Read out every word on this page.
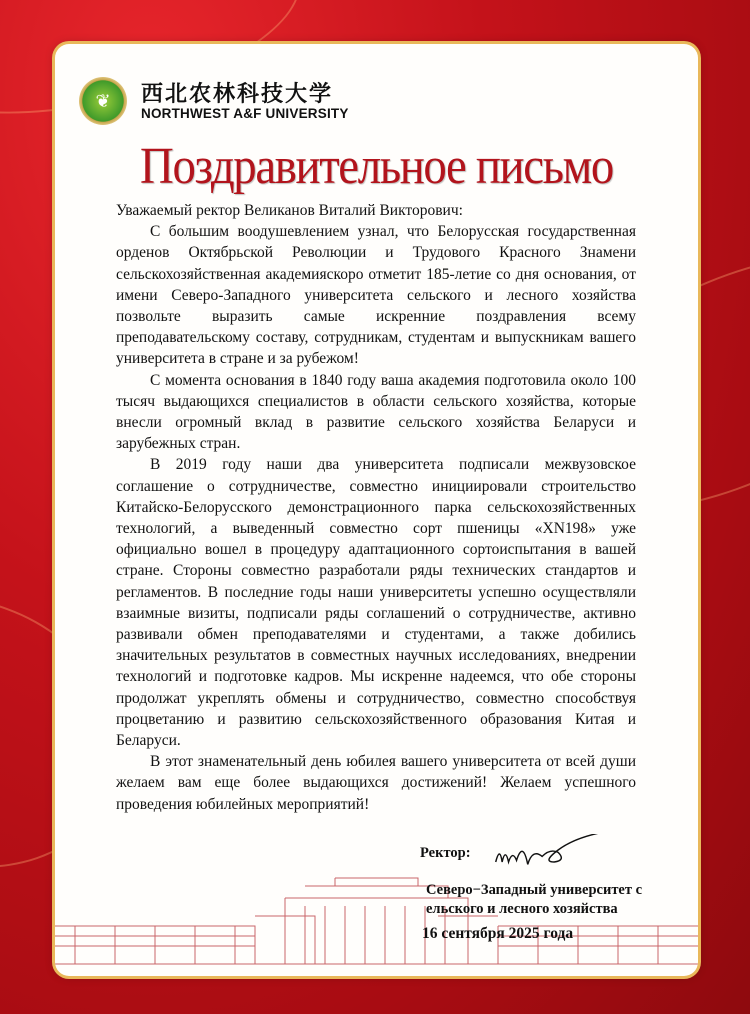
❦	西北农林科技大学
NORTHWEST A&F UNIVERSITY
Поздравительное письмо

Уважаемый ректор Великанов Виталий Викторович:

С большим воодушевлением узнал, что Белорусская государственная орденов Октябрьской Революции и Трудового Красного Знамени сельскохозяйственная академияскоро отметит 185-летие со дня основания, от имени Северо-Западного университета сельского и лесного хозяйства позвольте выразить самые искренние поздравления всему преподавательскому составу, сотрудникам, студентам и выпускникам вашего университета в стране и за рубежом!

С момента основания в 1840 году ваша академия подготовила около 100 тысяч выдающихся специалистов в области сельского хозяйства, которые внесли огромный вклад в развитие сельского хозяйства Беларуси и зарубежных стран.

В 2019 году наши два университета подписали межвузовское соглашение о сотрудничестве, совместно инициировали строительство Китайско-Белорусского демонстрационного парка сельскохозяйственных технологий, а выведенный совместно сорт пшеницы «XN198» уже официально вошел в процедуру адаптационного сортоиспытания в вашей стране. Стороны совместно разработали ряды технических стандартов и регламентов. В последние годы наши университеты успешно осуществляли взаимные визиты, подписали ряды соглашений о сотрудничестве, активно развивали обмен преподавателями и студентами, а также добились значительных результатов в совместных научных исследованиях, внедрении технологий и подготовке кадров. Мы искренне надеемся, что обе стороны продолжат укреплять обмены и сотрудничество, совместно способствуя процветанию и развитию сельскохозяйственного образования Китая и Беларуси.

В этот знаменательный день юбилея вашего университета от всей души желаем вам еще более выдающихся достижений! Желаем успешного проведения юбилейных мероприятий!

Ректор:
Северо−Западный университет с
ельского и лесного хозяйства
16 сентября 2025 года
